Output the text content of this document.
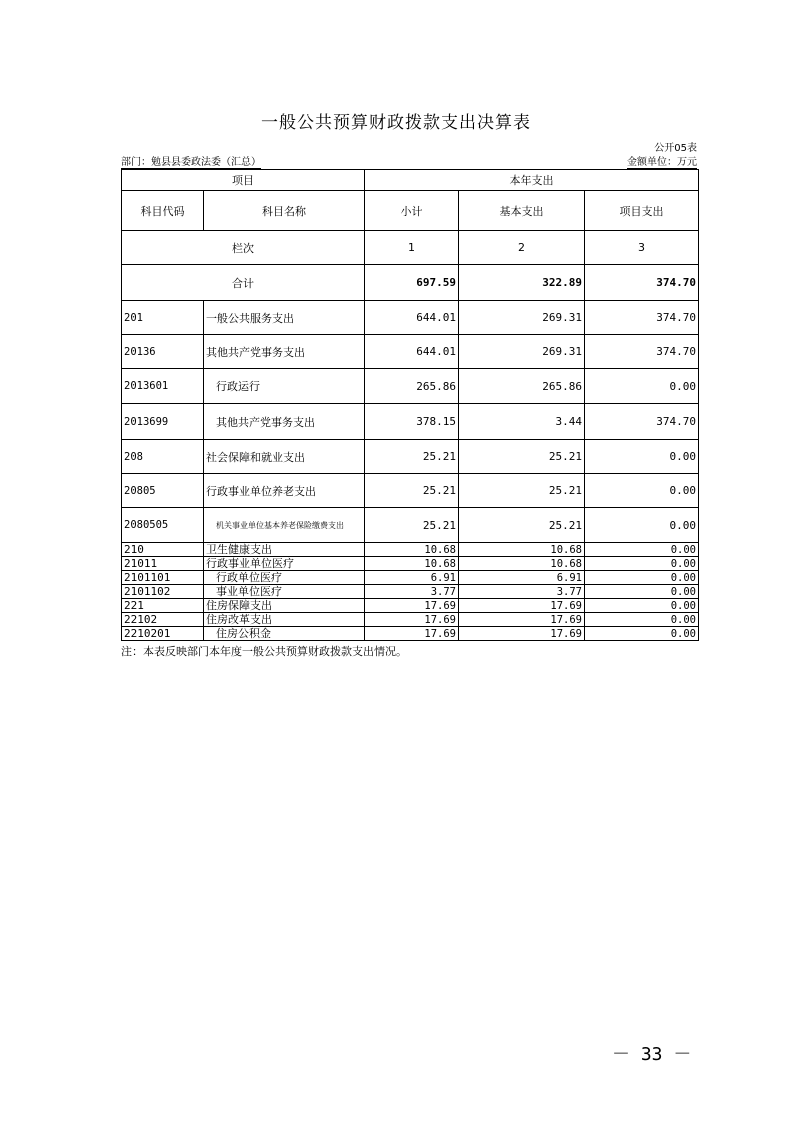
一般公共预算财政拨款支出决算表
公开05表
部门：勉县县委政法委（汇总）	金额单位：万元
项目		本年支出		
科目代码	科目名称	小计	基本支出	项目支出
栏次		1	2	3
合计		697.59	322.89	374.70
201	一般公共服务支出	644.01	269.31	374.70
20136	其他共产党事务支出	644.01	269.31	374.70
2013601	行政运行	265.86	265.86	0.00
2013699	其他共产党事务支出	378.15	3.44	374.70
208	社会保障和就业支出	25.21	25.21	0.00
20805	行政事业单位养老支出	25.21	25.21	0.00
2080505	机关事业单位基本养老保险缴费支出	25.21	25.21	0.00
210	卫生健康支出	10.68	10.68	0.00
21011	行政事业单位医疗	10.68	10.68	0.00
2101101	行政单位医疗	6.91	6.91	0.00
2101102	事业单位医疗	3.77	3.77	0.00
221	住房保障支出	17.69	17.69	0.00
22102	住房改革支出	17.69	17.69	0.00
2210201	住房公积金	17.69	17.69	0.00
注：本表反映部门本年度一般公共预算财政拨款支出情况。
－ 33 －
